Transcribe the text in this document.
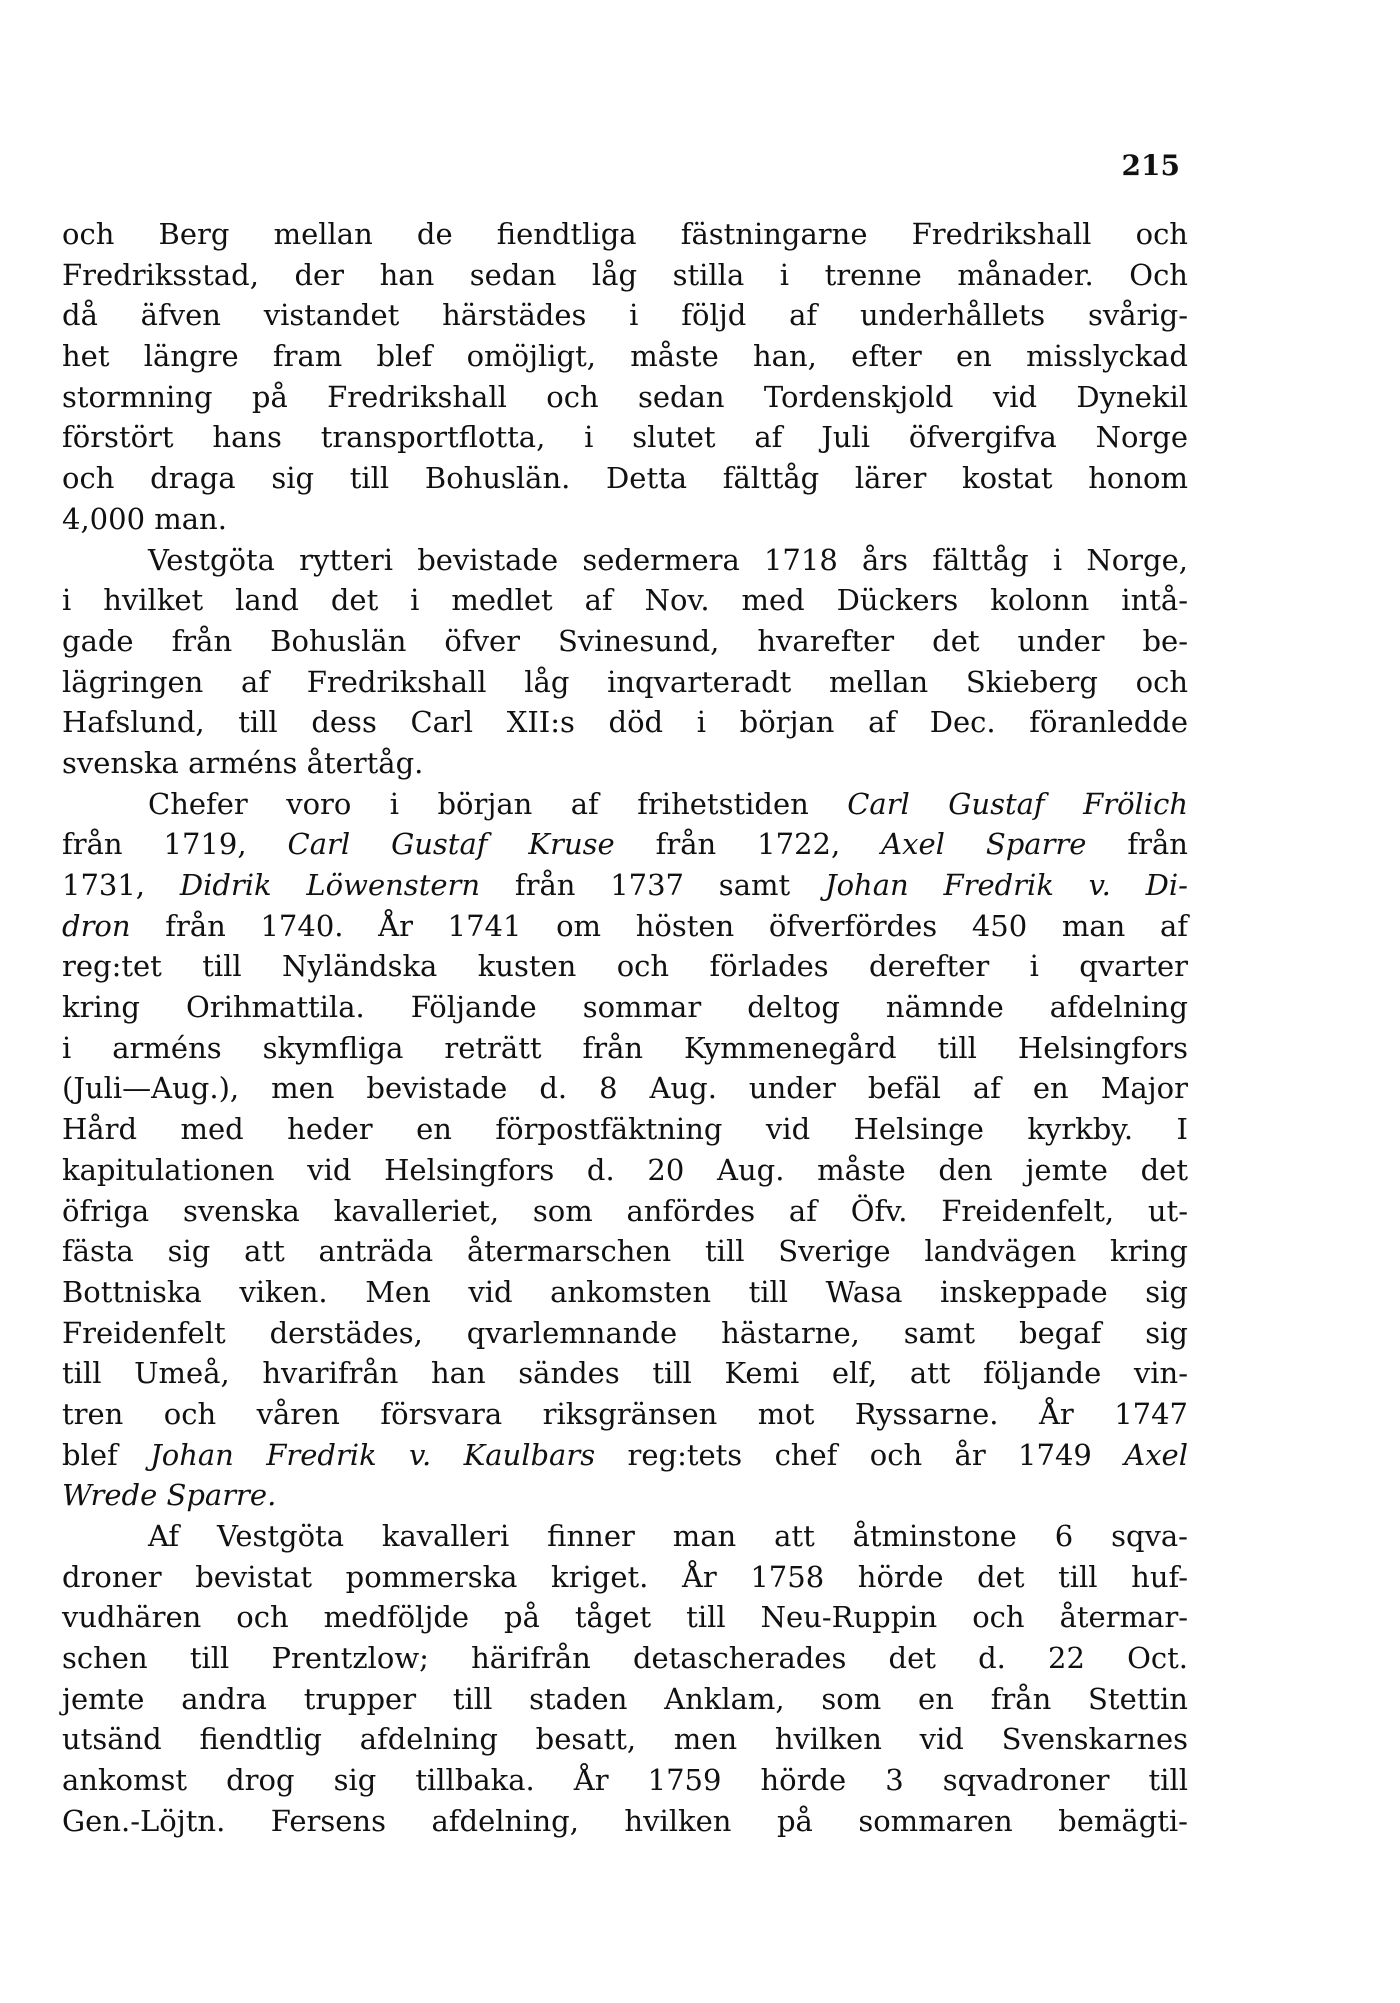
215
och Berg mellan de fiendtliga fästningarne Fredrikshall och
Fredriksstad, der han sedan låg stilla i trenne månader. Och
då äfven vistandet härstädes i följd af underhållets svårig-
het längre fram blef omöjligt, måste han, efter en misslyckad
stormning på Fredrikshall och sedan Tordenskjold vid Dynekil
förstört hans transportflotta, i slutet af Juli öfvergifva Norge
och draga sig till Bohuslän. Detta fälttåg lärer kostat honom
4,000 man.
Vestgöta rytteri bevistade sedermera 1718 års fälttåg i Norge,
i hvilket land det i medlet af Nov. med Dückers kolonn intå-
gade från Bohuslän öfver Svinesund, hvarefter det under be-
lägringen af Fredrikshall låg inqvarteradt mellan Skieberg och
Hafslund, till dess Carl XII:s död i början af Dec. föranledde
svenska arméns återtåg.
Chefer voro i början af frihetstiden Carl Gustaf Frölich
från 1719, Carl Gustaf Kruse från 1722, Axel Sparre från
1731, Didrik Löwenstern från 1737 samt Johan Fredrik v. Di-
dron från 1740. År 1741 om hösten öfverfördes 450 man af
reg:tet till Nyländska kusten och förlades derefter i qvarter
kring Orihmattila. Följande sommar deltog nämnde afdelning
i arméns skymfliga reträtt från Kymmenegård till Helsingfors
(Juli—Aug.), men bevistade d. 8 Aug. under befäl af en Major
Hård med heder en förpostfäktning vid Helsinge kyrkby. I
kapitulationen vid Helsingfors d. 20 Aug. måste den jemte det
öfriga svenska kavalleriet, som anfördes af Öfv. Freidenfelt, ut-
fästa sig att anträda återmarschen till Sverige landvägen kring
Bottniska viken. Men vid ankomsten till Wasa inskeppade sig
Freidenfelt derstädes, qvarlemnande hästarne, samt begaf sig
till Umeå, hvarifrån han sändes till Kemi elf, att följande vin-
tren och våren försvara riksgränsen mot Ryssarne. År 1747
blef Johan Fredrik v. Kaulbars reg:tets chef och år 1749 Axel
Wrede Sparre.
Af Vestgöta kavalleri finner man att åtminstone 6 sqva-
droner bevistat pommerska kriget. År 1758 hörde det till huf-
vudhären och medföljde på tåget till Neu-Ruppin och återmar-
schen till Prentzlow; härifrån detascherades det d. 22 Oct.
jemte andra trupper till staden Anklam, som en från Stettin
utsänd fiendtlig afdelning besatt, men hvilken vid Svenskarnes
ankomst drog sig tillbaka. År 1759 hörde 3 sqvadroner till
Gen.-Löjtn. Fersens afdelning, hvilken på sommaren bemägti-
